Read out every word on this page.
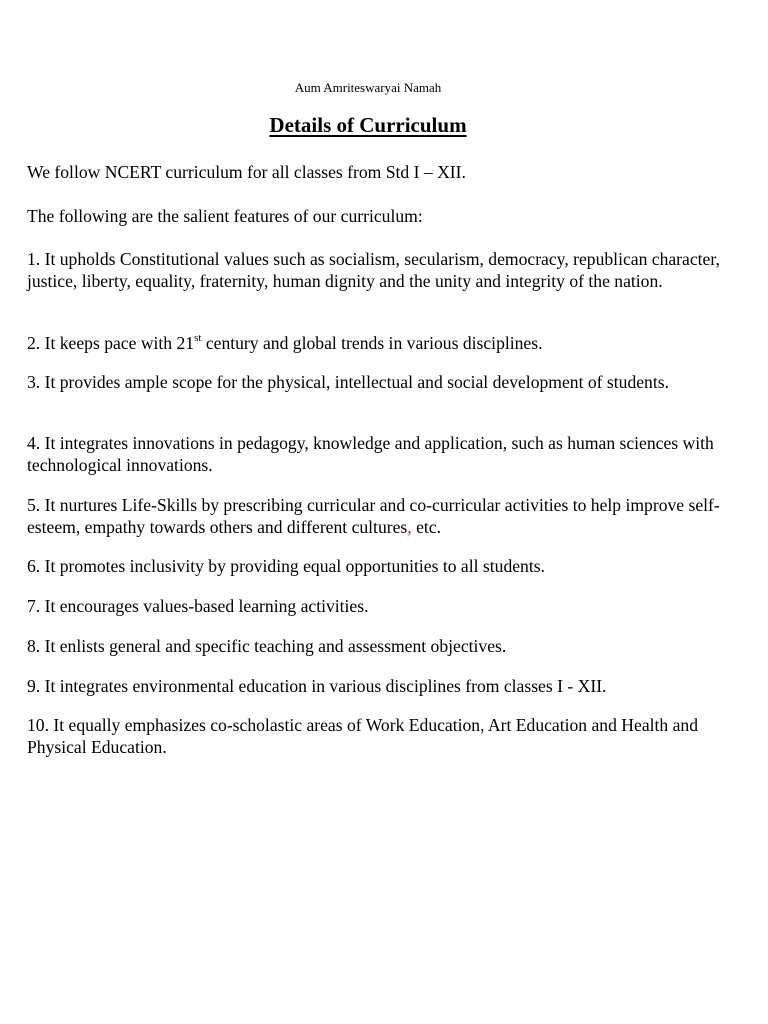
Aum Amriteswaryai Namah
Details of Curriculum

We follow NCERT curriculum for all classes from Std I – XII.

The following are the salient features of our curriculum:

1. It upholds Constitutional values such as socialism, secularism, democracy, republican character, justice, liberty, equality, fraternity, human dignity and the unity and integrity of the nation.

2. It keeps pace with 21st century and global trends in various disciplines.

3. It provides ample scope for the physical, intellectual and social development of students.

4. It integrates innovations in pedagogy, knowledge and application, such as human sciences with technological innovations.

5. It nurtures Life-Skills by prescribing curricular and co-curricular activities to help improve self-esteem, empathy towards others and different cultures, etc.

6. It promotes inclusivity by providing equal opportunities to all students.

7. It encourages values-based learning activities.

8. It enlists general and specific teaching and assessment objectives.

9. It integrates environmental education in various disciplines from classes I - XII.

10. It equally emphasizes co-scholastic areas of Work Education, Art Education and Health and Physical Education.
